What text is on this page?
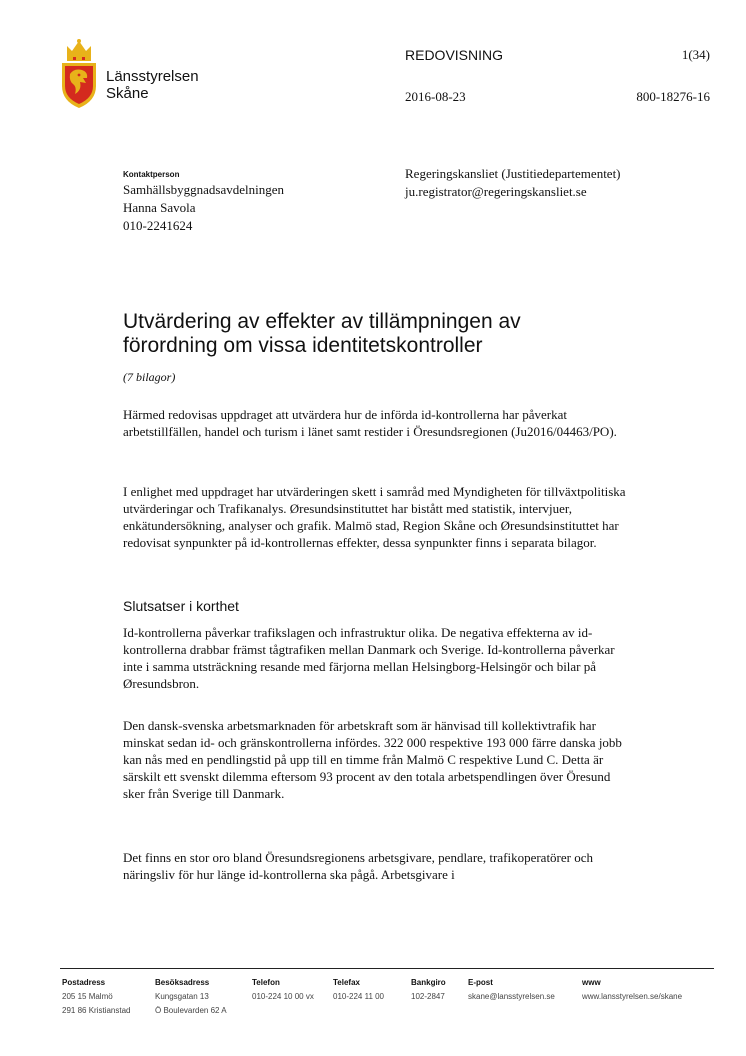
Länsstyrelsen
Skåne
REDOVISNING	1(34)
2016-08-23	800-18276-16
Kontaktperson
Samhällsbyggnadsavdelningen
Hanna Savola
010-2241624
Regeringskansliet (Justitiedepartementet)
ju.registrator@regeringskansliet.se
Utvärdering av effekter av tillämpningen av förordning om vissa identitetskontroller
(7 bilagor)
Härmed redovisas uppdraget att utvärdera hur de införda id-kontrollerna har påverkat arbetstillfällen, handel och turism i länet samt restider i Öresundsregionen (Ju2016/04463/PO).
I enlighet med uppdraget har utvärderingen skett i samråd med Myndigheten för tillväxtpolitiska utvärderingar och Trafikanalys. Øresundsinstituttet har bistått med statistik, intervjuer, enkätundersökning, analyser och grafik. Malmö stad, Region Skåne och Øresundsinstituttet har redovisat synpunkter på id-kontrollernas effekter, dessa synpunkter finns i separata bilagor.
Slutsatser i korthet
Id-kontrollerna påverkar trafikslagen och infrastruktur olika. De negativa effekterna av id-kontrollerna drabbar främst tågtrafiken mellan Danmark och Sverige. Id-kontrollerna påverkar inte i samma utsträckning resande med färjorna mellan Helsingborg-Helsingör och bilar på Øresundsbron.
Den dansk-svenska arbetsmarknaden för arbetskraft som är hänvisad till kollektivtrafik har minskat sedan id- och gränskontrollerna infördes. 322 000 respektive 193 000 färre danska jobb kan nås med en pendlingstid på upp till en timme från Malmö C respektive Lund C. Detta är särskilt ett svenskt dilemma eftersom 93 procent av den totala arbetspendlingen över Öresund sker från Sverige till Danmark.
Det finns en stor oro bland Öresundsregionens arbetsgivare, pendlare, trafikoperatörer och näringsliv för hur länge id-kontrollerna ska pågå. Arbetsgivare i
Postadress
205 15 Malmö
291 86 Kristianstad
Besöksadress
Kungsgatan 13
Ö Boulevarden 62 A
Telefon
010-224 10 00 vx
Telefax
010-224 11 00
Bankgiro
102-2847
E-post
skane@lansstyrelsen.se
www
www.lansstyrelsen.se/skane
